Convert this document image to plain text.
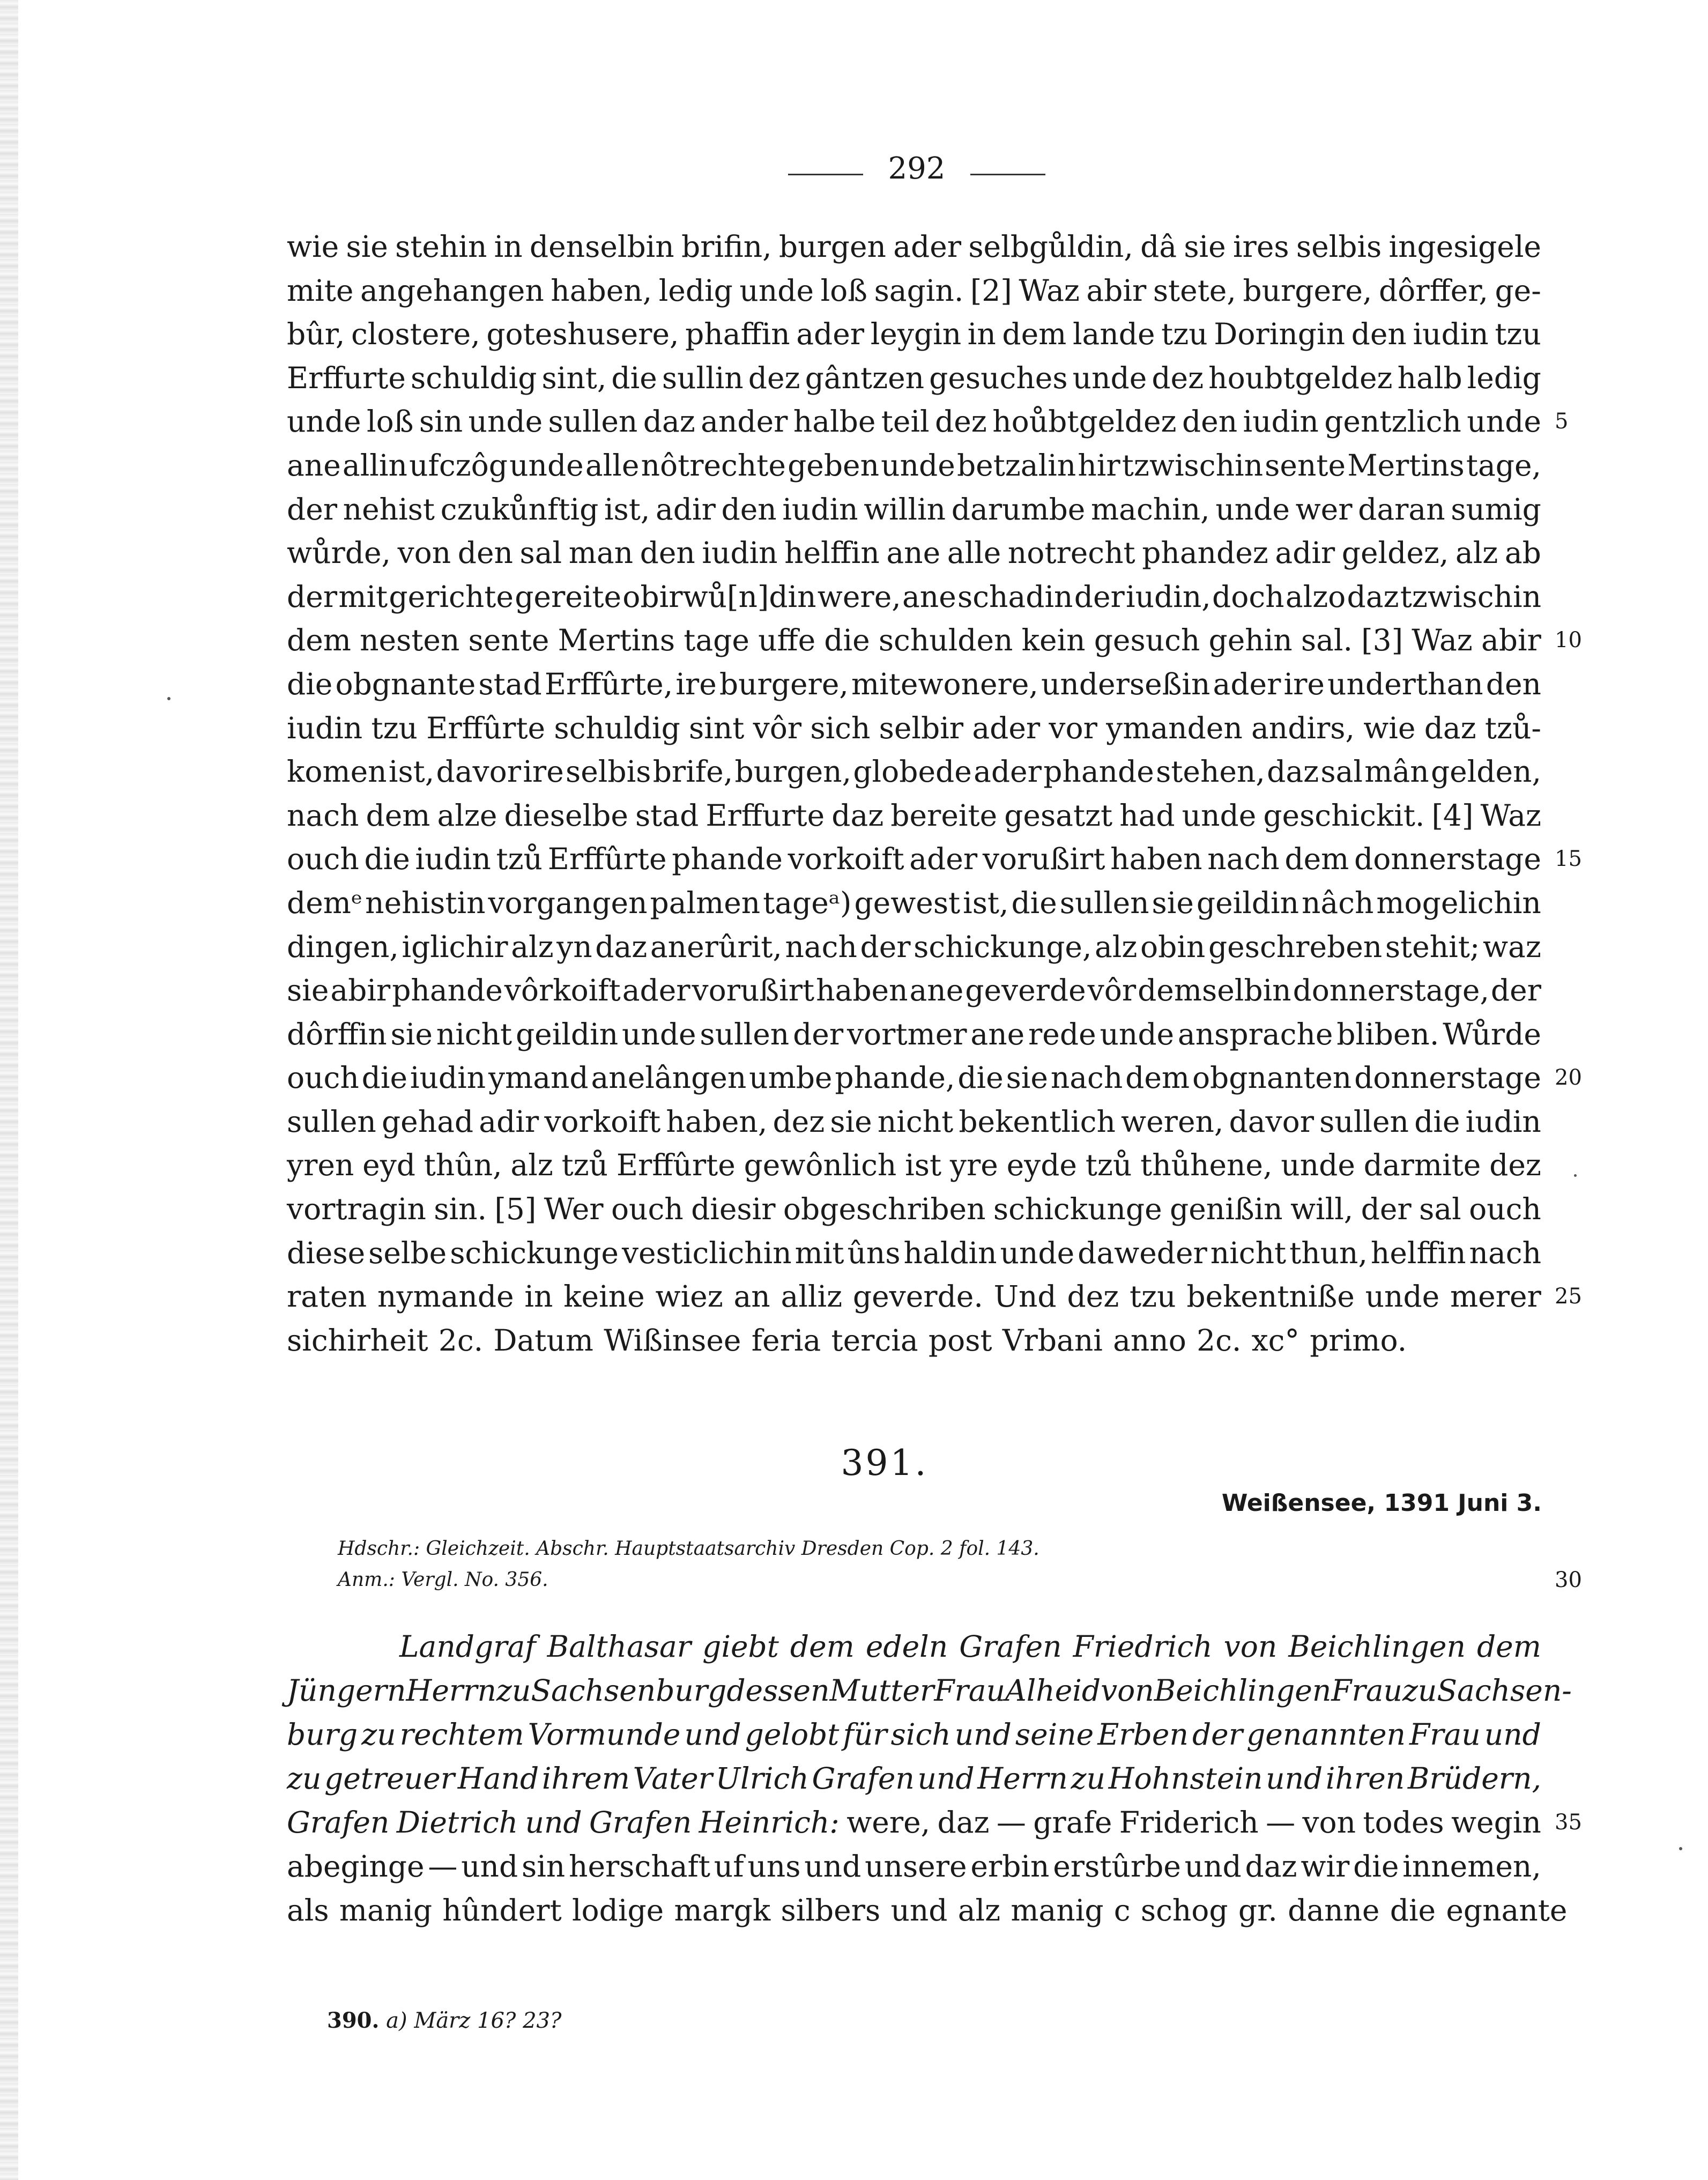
292
wie sie stehin in denselbin brifin, burgen ader selbgůldin, dâ sie ires selbis ingesigele
mite angehangen haben, ledig unde loß sagin. [2] Waz abir stete, burgere, dôrffer, ge-
bûr, clostere, goteshusere, phaffin ader leygin in dem lande tzu Doringin den iudin tzu
Erffurte schuldig sint, die sullin dez gântzen gesuches unde dez houbtgeldez halb ledig
unde loß sin unde sullen daz ander halbe teil dez hoůbtgeldez den iudin gentzlich unde
ane allin ufczôg unde alle nôtrechte geben unde betzalin hir tzwischin sente Mertins tage,
der nehist czukůnftig ist, adir den iudin willin darumbe machin, unde wer daran sumig
wůrde, von den sal man den iudin helffin ane alle notrecht phandez adir geldez, alz ab
der mit gerichte gereite obirwů[n]din were, ane schadin der iudin, doch alzo daz tzwischin
dem nesten sente Mertins tage uffe die schulden kein gesuch gehin sal. [3] Waz abir
die obgnante stad Erffûrte, ire burgere, mitewonere, underseßin ader ire underthan den
iudin tzu Erffûrte schuldig sint vôr sich selbir ader vor ymanden andirs, wie daz tzů-
komen ist, davor ire selbis brife, burgen, globede ader phande stehen, daz sal mân gelden,
nach dem alze dieselbe stad Erffurte daz bereite gesatzt had unde geschickit. [4] Waz
ouch die iudin tzů Erffûrte phande vorkoift ader vorußirt haben nach dem donnerstage
demᵉ nehistin vorgangen palmen tageᵃ) gewest ist, die sullen sie geildin nâch mogelichin
dingen, iglichir alz yn daz anerûrit, nach der schickunge, alz obin geschreben stehit; waz
sie abir phande vôrkoift ader vorußirt haben ane geverde vôr demselbin donnerstage, der
dôrffin sie nicht geildin unde sullen der vortmer ane rede unde ansprache bliben. Wůrde
ouch die iudin ymand anelângen umbe phande, die sie nach dem obgnanten donnerstage
sullen gehad adir vorkoift haben, dez sie nicht bekentlich weren, davor sullen die iudin
yren eyd thûn, alz tzů Erffûrte gewônlich ist yre eyde tzů thůhene, unde darmite dez
vortragin sin. [5] Wer ouch diesir obgeschriben schickunge genißin will, der sal ouch
diese selbe schickunge vesticlichin mit ûns haldin unde daweder nicht thun, helffin nach
raten nymande in keine wiez an alliz geverde. Und dez tzu bekentniße unde merer
sichirheit 2c. Datum Wißinsee feria tercia post Vrbani anno 2c. xc° primo.
5
10
15
20
25
391.
Weißensee, 1391 Juni 3.
Hdschr.: Gleichzeit. Abschr. Hauptstaatsarchiv Dresden Cop. 2 fol. 143.
Anm.: Vergl. No. 356.	30
Landgraf Balthasar giebt dem edeln Grafen Friedrich von Beichlingen dem
Jüngern Herrn zu Sachsenburg dessen Mutter Frau Alheid von Beichlingen Frau zu Sachsen-
burg zu rechtem Vormunde und gelobt für sich und seine Erben der genannten Frau und
zu getreuer Hand ihrem Vater Ulrich Grafen und Herrn zu Hohnstein und ihren Brüdern,
Grafen Dietrich und Grafen Heinrich: were, daz — grafe Friderich — von todes wegin
abeginge — und sin herschaft uf uns und unsere erbin erstûrbe und daz wir die innemen,
als manig hûndert lodige margk silbers und alz manig c schog gr. danne die egnante
35
390. a) März 16? 23?
